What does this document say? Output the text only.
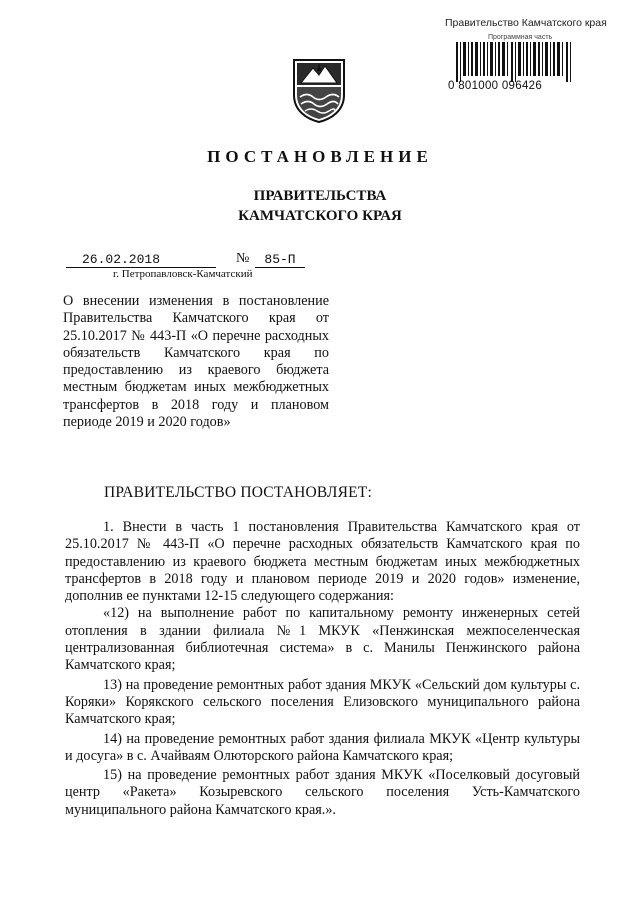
Правительство Камчатского края
Программная часть
0 801000 096426
ПОСТАНОВЛЕНИЕ
ПРАВИТЕЛЬСТВА
КАМЧАТСКОГО КРАЯ
26.02.2018	№	85-П
г. Петропавловск-Камчатский
О внесении изменения в постановление Правительства Камчатского края от 25.10.2017 № 443-П «О перечне расходных обязательств Камчатского края по предоставлению из краевого бюджета местным бюджетам иных межбюджетных трансфертов в 2018 году и плановом периоде 2019 и 2020 годов»
ПРАВИТЕЛЬСТВО ПОСТАНОВЛЯЕТ:

1. Внести в часть 1 постановления Правительства Камчатского края от 25.10.2017 № 443-П «О перечне расходных обязательств Камчатского края по предоставлению из краевого бюджета местным бюджетам иных межбюджетных трансфертов в 2018 году и плановом периоде 2019 и 2020 годов» изменение, дополнив ее пунктами 12-15 следующего содержания:

«12) на выполнение работ по капитальному ремонту инженерных сетей отопления в здании филиала №1 МКУК «Пенжинская межпоселенческая централизованная библиотечная система» в с. Манилы Пенжинского района Камчатского края;

13) на проведение ремонтных работ здания МКУК «Сельский дом культуры с. Коряки» Корякского сельского поселения Елизовского муниципального района Камчатского края;

14) на проведение ремонтных работ здания филиала МКУК «Центр культуры и досуга» в с. Ачайваям Олюторского района Камчатского края;

15) на проведение ремонтных работ здания МКУК «Поселковый досуговый центр «Ракета» Козыревского сельского поселения Усть-Камчатского муниципального района Камчатского края.».
